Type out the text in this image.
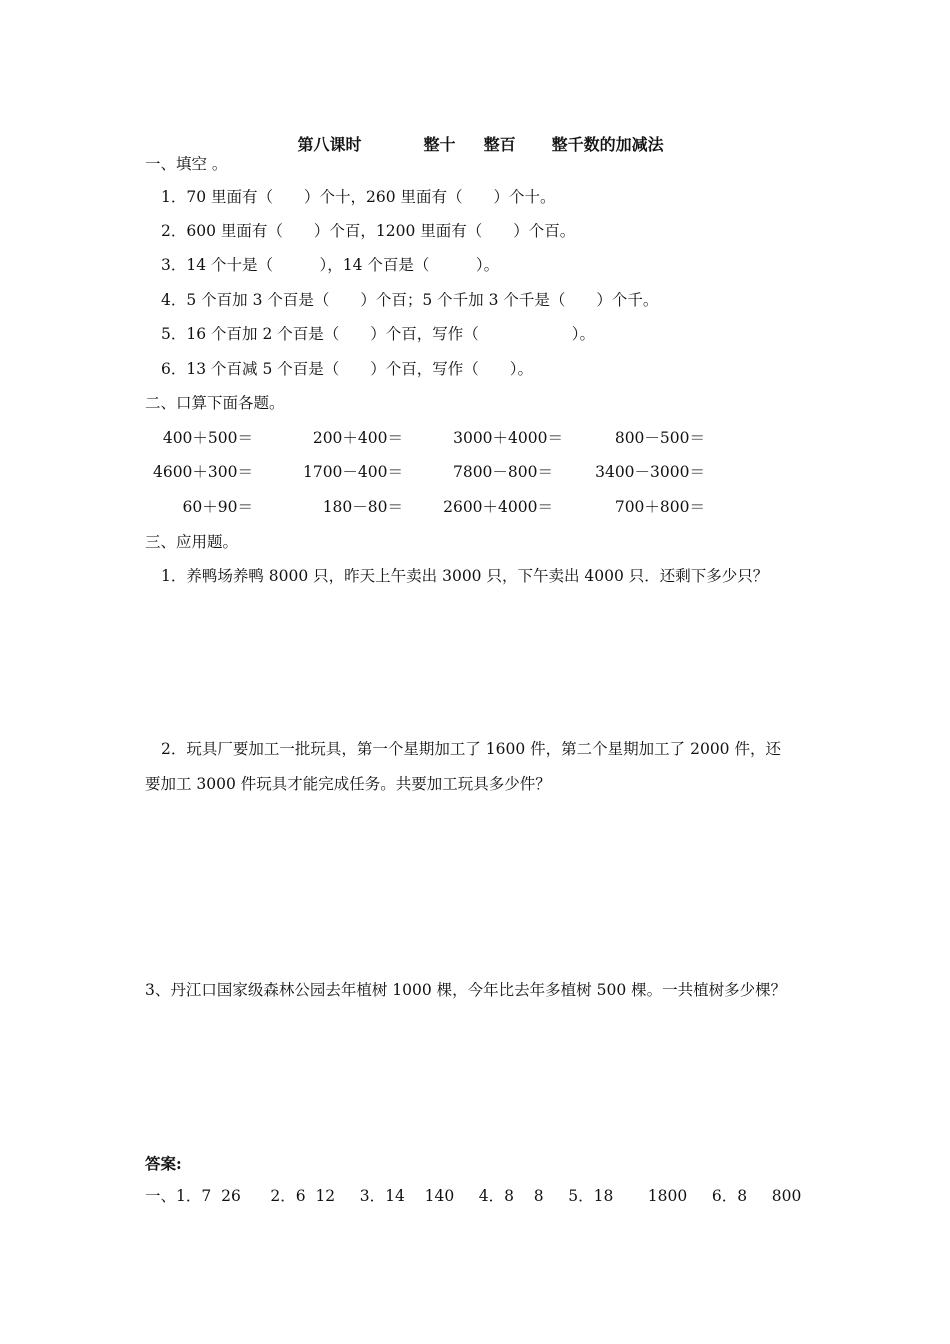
第八课时	整十 整百 整千数的加减法

一、填空 。
1．70 里面有（　　）个十，260 里面有（　　）个十。
2．600 里面有（　　）个百，1200 里面有（　　）个百。
3．14 个十是（　　　），14 个百是（　　　）。
4．5 个百加 3 个百是（　　）个百；5 个千加 3 个千是（　　）个千。
5．16 个百加 2 个百是（　　）个百，写作（　　　　　　）。
6．13 个百减 5 个百是（　　）个百，写作（　　）。
二、口算下面各题。
400＋500＝	200＋400＝	3000＋4000＝	800－500＝
4600＋300＝	1700－400＝	7800－800＝	3400－3000＝
60＋90＝	180－80＝	2600＋4000＝	700＋800＝
三、应用题。
1．养鸭场养鸭 8000 只，昨天上午卖出 3000 只，下午卖出 4000 只．还剩下多少只？
2．玩具厂要加工一批玩具，第一个星期加工了 1600 件，第二个星期加工了 2000 件，还
要加工 3000 件玩具才能完成任务。共要加工玩具多少件？
3、丹江口国家级森林公园去年植树 1000 棵，今年比去年多植树 500 棵。一共植树多少棵？
答案:
一、1．7  26      2．6  12     3．14    140     4．8    8     5．18       1800     6．8     800
